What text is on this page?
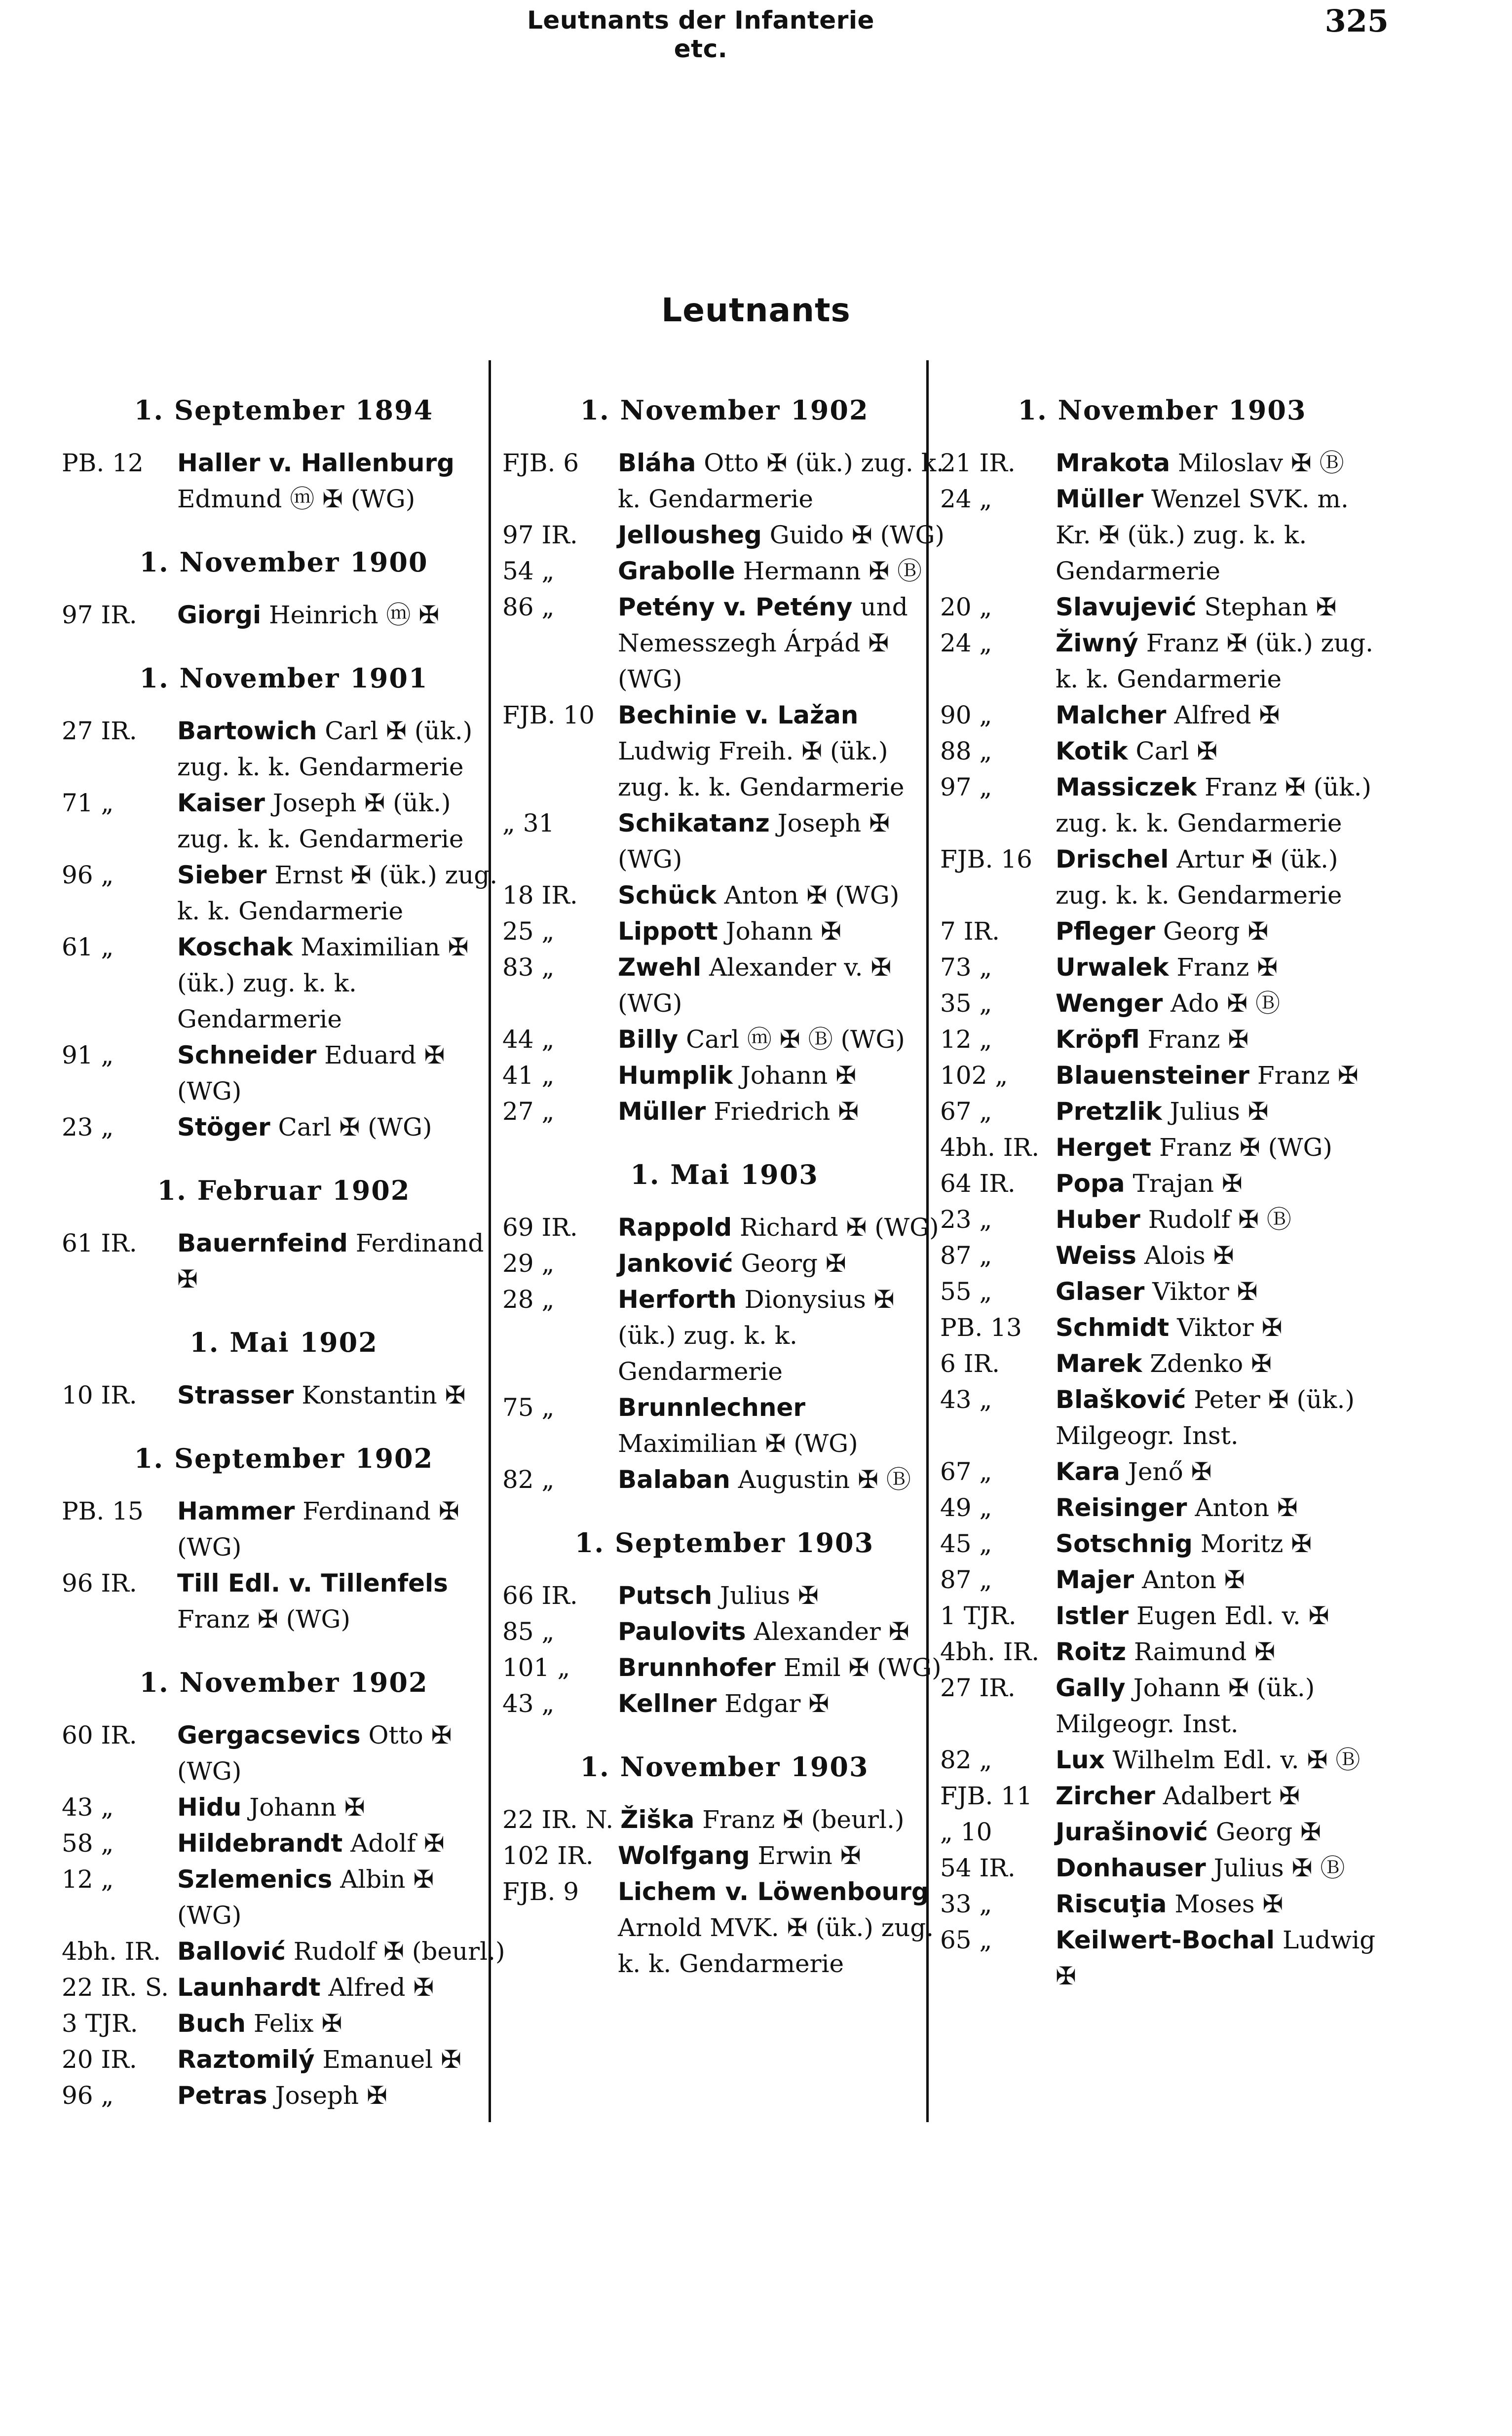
Leutnants der Infanterie etc.
325
Leutnants
1. September 1894
PB. 12	Haller v. Hallenburg Edmund ⓜ ✠ (WG)
1. November 1900
97 IR.	Giorgi Heinrich ⓜ ✠
1. November 1901
27 IR.	Bartowich Carl ✠ (ük.) zug. k. k. Gendarmerie
71 „	Kaiser Joseph ✠ (ük.) zug. k. k. Gendarmerie
96 „	Sieber Ernst ✠ (ük.) zug. k. k. Gendarmerie
61 „	Koschak Maximilian ✠ (ük.) zug. k. k. Gendarmerie
91 „	Schneider Eduard ✠ (WG)
23 „	Stöger Carl ✠ (WG)
1. Februar 1902
61 IR.	Bauernfeind Ferdinand ✠
1. Mai 1902
10 IR.	Strasser Konstantin ✠
1. September 1902
PB. 15	Hammer Ferdinand ✠ (WG)
96 IR.	Till Edl. v. Tillenfels Franz ✠ (WG)
1. November 1902
60 IR.	Gergacsevics Otto ✠ (WG)
43 „	Hidu Johann ✠
58 „	Hildebrandt Adolf ✠
12 „	Szlemenics Albin ✠ (WG)
4bh. IR. Ballović Rudolf ✠ (beurl.)
22 IR. S. Launhardt Alfred ✠
3 TJR.	Buch Felix ✠
20 IR.	Raztomilý Emanuel ✠
96 „	Petras Joseph ✠
1. November 1902
FJB. 6	Bláha Otto ✠ (ük.) zug. k. k. Gendarmerie
97 IR.	Jellousheg Guido ✠ (WG)
54 „	Grabolle Hermann ✠ Ⓑ
86 „	Petény v. Petény und Nemesszegh Árpád ✠ (WG)
FJB. 10 Bechinie v. Lažan Ludwig Freih. ✠ (ük.) zug. k. k. Gendarmerie
„ 31	Schikatanz Joseph ✠ (WG)
18 IR.	Schück Anton ✠ (WG)
25 „	Lippott Johann ✠
83 „	Zwehl Alexander v. ✠ (WG)
44 „	Billy Carl ⓜ ✠ Ⓑ (WG)
41 „	Humplik Johann ✠
27 „	Müller Friedrich ✠
1. Mai 1903
69 IR.	Rappold Richard ✠ (WG)
29 „	Janković Georg ✠
28 „	Herforth Dionysius ✠ (ük.) zug. k. k. Gendarmerie
75 „	Brunnlechner Maximilian ✠ (WG)
82 „	Balaban Augustin ✠ Ⓑ
1. September 1903
66 IR.	Putsch Julius ✠
85 „	Paulovits Alexander ✠
101 „	Brunnhofer Emil ✠ (WG)
43 „	Kellner Edgar ✠
1. November 1903
22 IR. N. Žiška Franz ✠ (beurl.)
102 IR. Wolfgang Erwin ✠
FJB. 9	Lichem v. Löwenbourg Arnold MVK. ✠ (ük.) zug. k. k. Gendarmerie
1. November 1903
21 IR.	Mrakota Miloslav ✠ Ⓑ
24 „	Müller Wenzel SVK. m. Kr. ✠ (ük.) zug. k. k. Gendarmerie
20 „	Slavujević Stephan ✠
24 „	Žiwný Franz ✠ (ük.) zug. k. k. Gendarmerie
90 „	Malcher Alfred ✠
88 „	Kotik Carl ✠
97 „	Massiczek Franz ✠ (ük.) zug. k. k. Gendarmerie
FJB. 16 Drischel Artur ✠ (ük.) zug. k. k. Gendarmerie
7 IR.	Pfleger Georg ✠
73 „	Urwalek Franz ✠
35 „	Wenger Ado ✠ Ⓑ
12 „	Kröpfl Franz ✠
102 „	Blauensteiner Franz ✠
67 „	Pretzlik Julius ✠
4bh. IR. Herget Franz ✠ (WG)
64 IR.	Popa Trajan ✠
23 „	Huber Rudolf ✠ Ⓑ
87 „	Weiss Alois ✠
55 „	Glaser Viktor ✠
PB. 13	Schmidt Viktor ✠
6 IR.	Marek Zdenko ✠
43 „	Blašković Peter ✠ (ük.) Milgeogr. Inst.
67 „	Kara Jenő ✠
49 „	Reisinger Anton ✠
45 „	Sotschnig Moritz ✠
87 „	Majer Anton ✠
1 TJR.	Istler Eugen Edl. v. ✠
4bh. IR. Roitz Raimund ✠
27 IR.	Gally Johann ✠ (ük.) Milgeogr. Inst.
82 „	Lux Wilhelm Edl. v. ✠ Ⓑ
FJB. 11 Zircher Adalbert ✠
„ 10	Jurašinović Georg ✠
54 IR.	Donhauser Julius ✠ Ⓑ
33 „	Riscuţia Moses ✠
65 „	Keilwert-Bochal Ludwig ✠
